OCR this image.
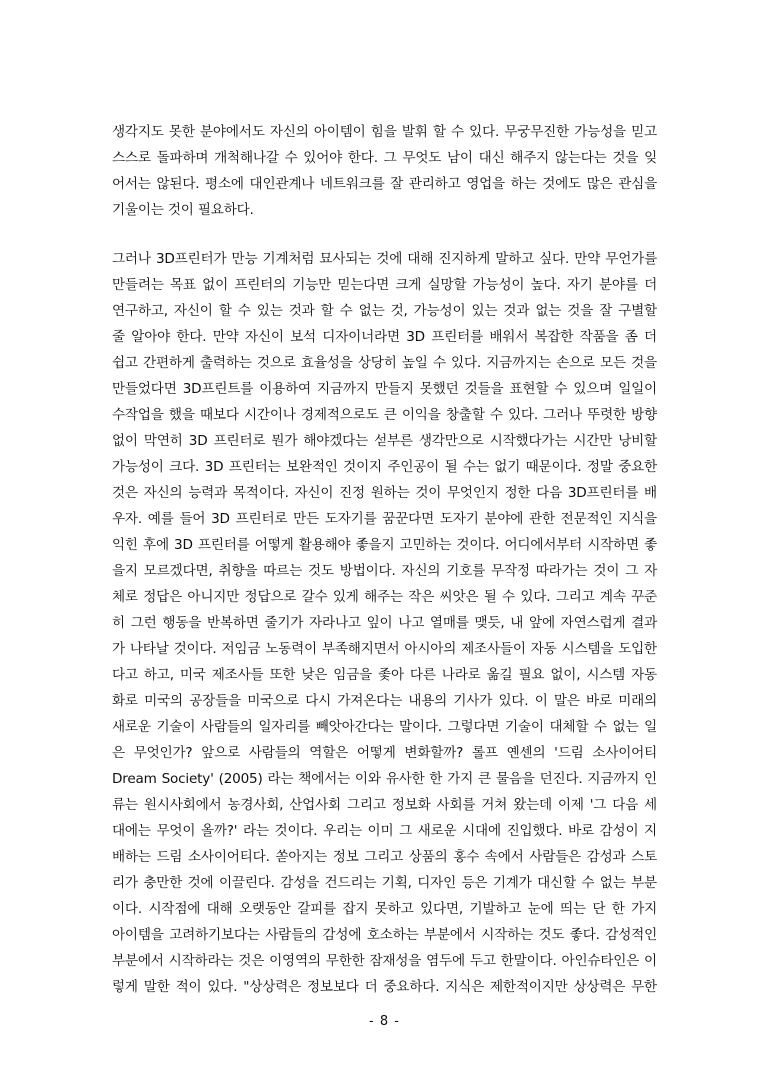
생각지도 못한 분야에서도 자신의 아이템이 힘을 발휘 할 수 있다. 무궁무진한 가능성을 믿고
스스로 돌파하며 개척해나갈 수 있어야 한다. 그 무엇도 남이 대신 해주지 않는다는 것을 잊
어서는 않된다. 평소에 대인관계나 네트워크를 잘 관리하고 영업을 하는 것에도 많은 관심을
기울이는 것이 필요하다.
그러나 3D프린터가 만능 기계처럼 묘사되는 것에 대해 진지하게 말하고 싶다. 만약 무언가를
만들려는 목표 없이 프린터의 기능만 믿는다면 크게 실망할 가능성이 높다. 자기 분야를 더
연구하고, 자신이 할 수 있는 것과 할 수 없는 것, 가능성이 있는 것과 없는 것을 잘 구별할
줄 알아야 한다. 만약 자신이 보석 디자이너라면 3D 프린터를 배워서 복잡한 작품을 좀 더
쉽고 간편하게 출력하는 것으로 효율성을 상당히 높일 수 있다. 지금까지는 손으로 모든 것을
만들었다면 3D프린트를 이용하여 지금까지 만들지 못했던 것들을 표현할 수 있으며 일일이
수작업을 했을 때보다 시간이나 경제적으로도 큰 이익을 창출할 수 있다. 그러나 뚜렷한 방향
없이 막연히 3D 프린터로 뭔가 해야겠다는 섣부른 생각만으로 시작했다가는 시간만 낭비할
가능성이 크다. 3D 프린터는 보완적인 것이지 주인공이 될 수는 없기 때문이다. 정말 중요한
것은 자신의 능력과 목적이다. 자신이 진정 원하는 것이 무엇인지 정한 다음 3D프린터를 배
우자. 예를 들어 3D 프린터로 만든 도자기를 꿈꾼다면 도자기 분야에 관한 전문적인 지식을
익힌 후에 3D 프린터를 어떻게 활용해야 좋을지 고민하는 것이다. 어디에서부터 시작하면 좋
을지 모르겠다면, 취향을 따르는 것도 방법이다. 자신의 기호를 무작정 따라가는 것이 그 자
체로 정답은 아니지만 정답으로 갈수 있게 해주는 작은 씨앗은 될 수 있다. 그리고 계속 꾸준
히 그런 행동을 반복하면 줄기가 자라나고 잎이 나고 열매를 맺듯, 내 앞에 자연스럽게 결과
가 나타날 것이다. 저임금 노동력이 부족해지면서 아시아의 제조사들이 자동 시스템을 도입한
다고 하고, 미국 제조사들 또한 낮은 임금을 좇아 다른 나라로 옮길 필요 없이, 시스템 자동
화로 미국의 공장들을 미국으로 다시 가져온다는 내용의 기사가 있다. 이 말은 바로 미래의
새로운 기술이 사람들의 일자리를 빼앗아간다는 말이다. 그렇다면 기술이 대체할 수 없는 일
은 무엇인가? 앞으로 사람들의 역할은 어떻게 변화할까? 롤프 옌센의 '드림 소사이어티
Dream Society' (2005) 라는 책에서는 이와 유사한 한 가지 큰 물음을 던진다. 지금까지 인
류는 원시사회에서 농경사회, 산업사회 그리고 정보화 사회를 거쳐 왔는데 이제 '그 다음 세
대에는 무엇이 올까?' 라는 것이다. 우리는 이미 그 새로운 시대에 진입했다. 바로 감성이 지
배하는 드림 소사이어티다. 쏟아지는 정보 그리고 상품의 홍수 속에서 사람들은 감성과 스토
리가 충만한 것에 이끌린다. 감성을 건드리는 기획, 디자인 등은 기계가 대신할 수 없는 부분
이다. 시작점에 대해 오랫동안 갈피를 잡지 못하고 있다면, 기발하고 눈에 띄는 단 한 가지
아이템을 고려하기보다는 사람들의 감성에 호소하는 부분에서 시작하는 것도 좋다. 감성적인
부분에서 시작하라는 것은 이영역의 무한한 잠재성을 염두에 두고 한말이다. 아인슈타인은 이
렇게 말한 적이 있다. "상상력은 정보보다 더 중요하다. 지식은 제한적이지만 상상력은 무한
- 8 -
